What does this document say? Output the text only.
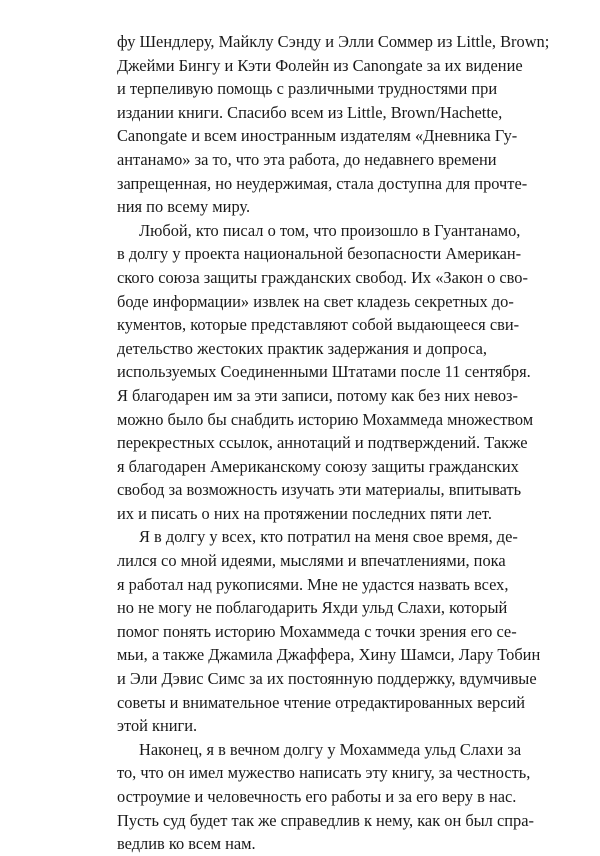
фу Шендлеру, Майклу Сэнду и Элли Соммер из Little, Brown;
Джейми Бингу и Кэти Фолейн из Canongate за их видение
и терпеливую помощь с различными трудностями при
издании книги. Спасибо всем из Little, Brown/Hachette,
Canongate и всем иностранным издателям «Дневника Гу-
антанамо» за то, что эта работа, до недавнего времени
запрещенная, но неудержимая, стала доступна для прочте-
ния по всему миру.
Любой, кто писал о том, что произошло в Гуантанамо,
в долгу у проекта национальной безопасности Американ-
ского союза защиты гражданских свобод. Их «Закон о сво-
боде информации» извлек на свет кладезь секретных до-
кументов, которые представляют собой выдающееся сви-
детельство жестоких практик задержания и допроса,
используемых Соединенными Штатами после 11 сентября.
Я благодарен им за эти записи, потому как без них невоз-
можно было бы снабдить историю Мохаммеда множеством
перекрестных ссылок, аннотаций и подтверждений. Также
я благодарен Американскому союзу защиты гражданских
свобод за возможность изучать эти материалы, впитывать
их и писать о них на протяжении последних пяти лет.
Я в долгу у всех, кто потратил на меня свое время, де-
лился со мной идеями, мыслями и впечатлениями, пока
я работал над рукописями. Мне не удастся назвать всех,
но не могу не поблагодарить Яхди ульд Слахи, который
помог понять историю Мохаммеда с точки зрения его се-
мьи, а также Джамила Джаффера, Хину Шамси, Лару Тобин
и Эли Дэвис Симс за их постоянную поддержку, вдумчивые
советы и внимательное чтение отредактированных версий
этой книги.
Наконец, я в вечном долгу у Мохаммеда ульд Слахи за
то, что он имел мужество написать эту книгу, за честность,
остроумие и человечность его работы и за его веру в нас.
Пусть суд будет так же справедлив к нему, как он был спра-
ведлив ко всем нам.
